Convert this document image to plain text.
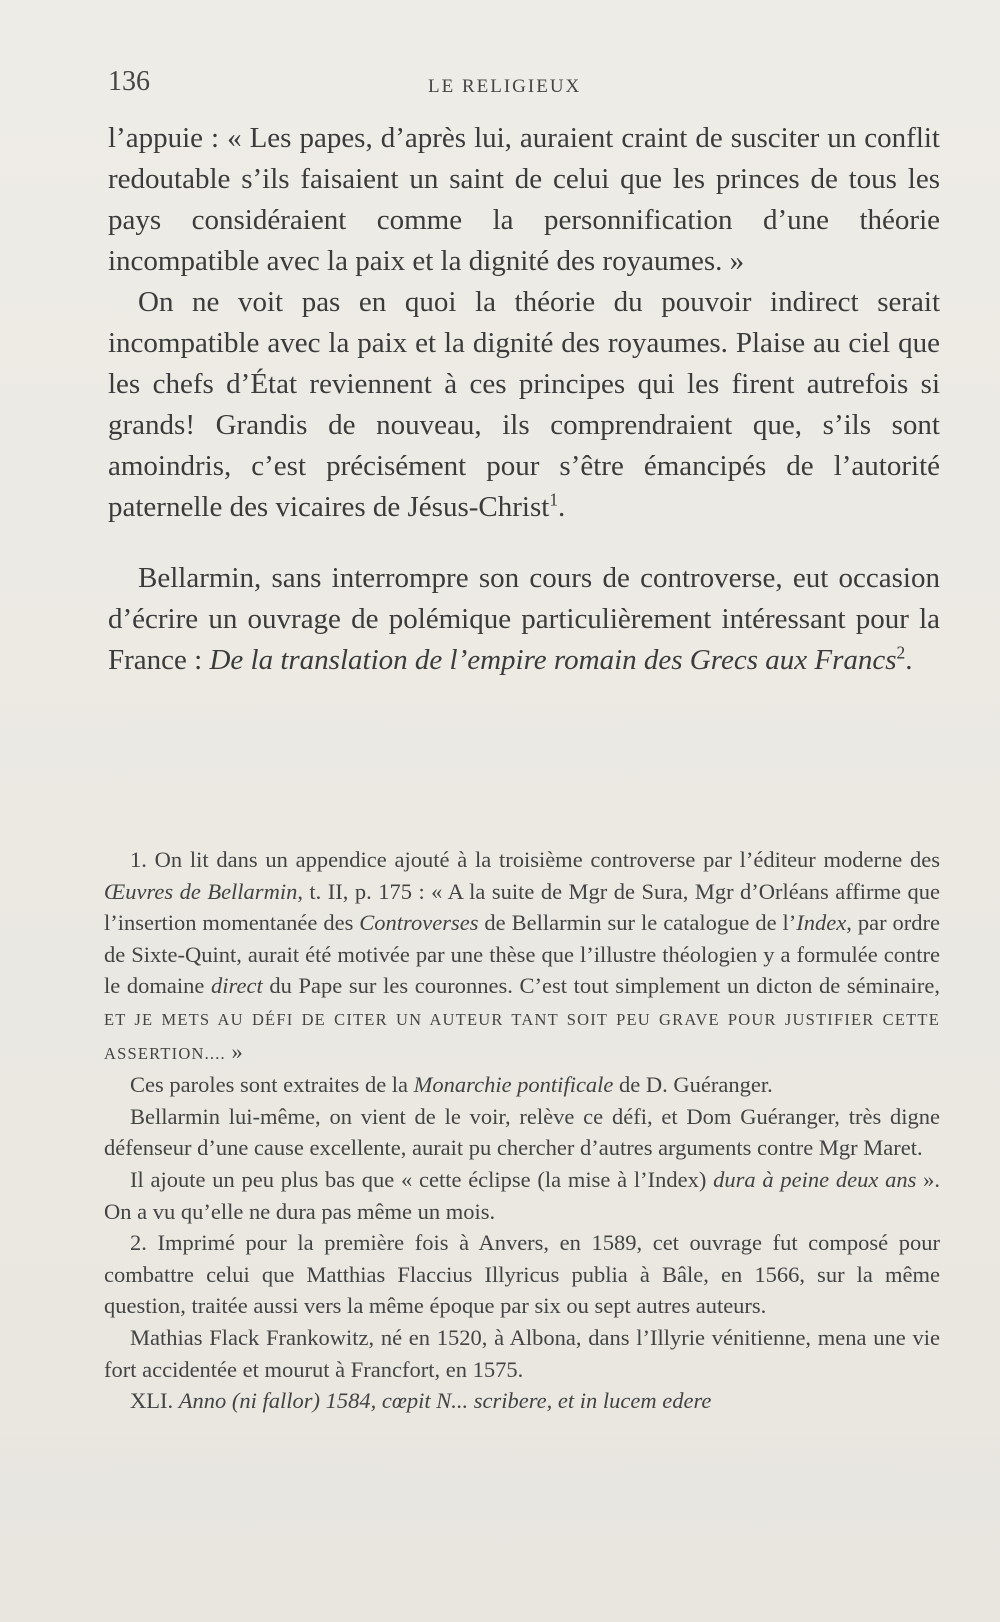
136	LE RELIGIEUX

l’appuie : « Les papes, d’après lui, auraient craint de susciter un conflit redoutable s’ils faisaient un saint de celui que les princes de tous les pays considéraient comme la personnification d’une théorie incompatible avec la paix et la dignité des royaumes. »

On ne voit pas en quoi la théorie du pouvoir indirect serait incompatible avec la paix et la dignité des royaumes. Plaise au ciel que les chefs d’État reviennent à ces principes qui les firent autrefois si grands! Grandis de nouveau, ils comprendraient que, s’ils sont amoindris, c’est précisément pour s’être émancipés de l’autorité paternelle des vicaires de Jésus-Christ$^1$.

Bellarmin, sans interrompre son cours de controverse, eut occasion d’écrire un ouvrage de polémique particulièrement intéressant pour la France : De la translation de l’empire romain des Grecs aux Francs$^2$.

1. On lit dans un appendice ajouté à la troisième controverse par l’éditeur moderne des Œuvres de Bellarmin, t. II, p. 175 : « A la suite de Mgr de Sura, Mgr d’Orléans affirme que l’insertion momentanée des Controverses de Bellarmin sur le catalogue de l’Index, par ordre de Sixte-Quint, aurait été motivée par une thèse que l’illustre théologien y a formulée contre le domaine direct du Pape sur les couronnes. C’est tout simplement un dicton de séminaire, ET JE METS AU DÉFI DE CITER UN AUTEUR TANT SOIT PEU GRAVE POUR JUSTIFIER CETTE ASSERTION.... »

Ces paroles sont extraites de la Monarchie pontificale de D. Guéranger.

Bellarmin lui-même, on vient de le voir, relève ce défi, et Dom Guéranger, très digne défenseur d’une cause excellente, aurait pu chercher d’autres arguments contre Mgr Maret.

Il ajoute un peu plus bas que « cette éclipse (la mise à l’Index) dura à peine deux ans ». On a vu qu’elle ne dura pas même un mois.

2. Imprimé pour la première fois à Anvers, en 1589, cet ouvrage fut composé pour combattre celui que Matthias Flaccius Illyricus publia à Bâle, en 1566, sur la même question, traitée aussi vers la même époque par six ou sept autres auteurs.

Mathias Flack Frankowitz, né en 1520, à Albona, dans l’Illyrie vénitienne, mena une vie fort accidentée et mourut à Francfort, en 1575.

XLI. Anno (ni fallor) 1584, cœpit N... scribere, et in lucem edere
